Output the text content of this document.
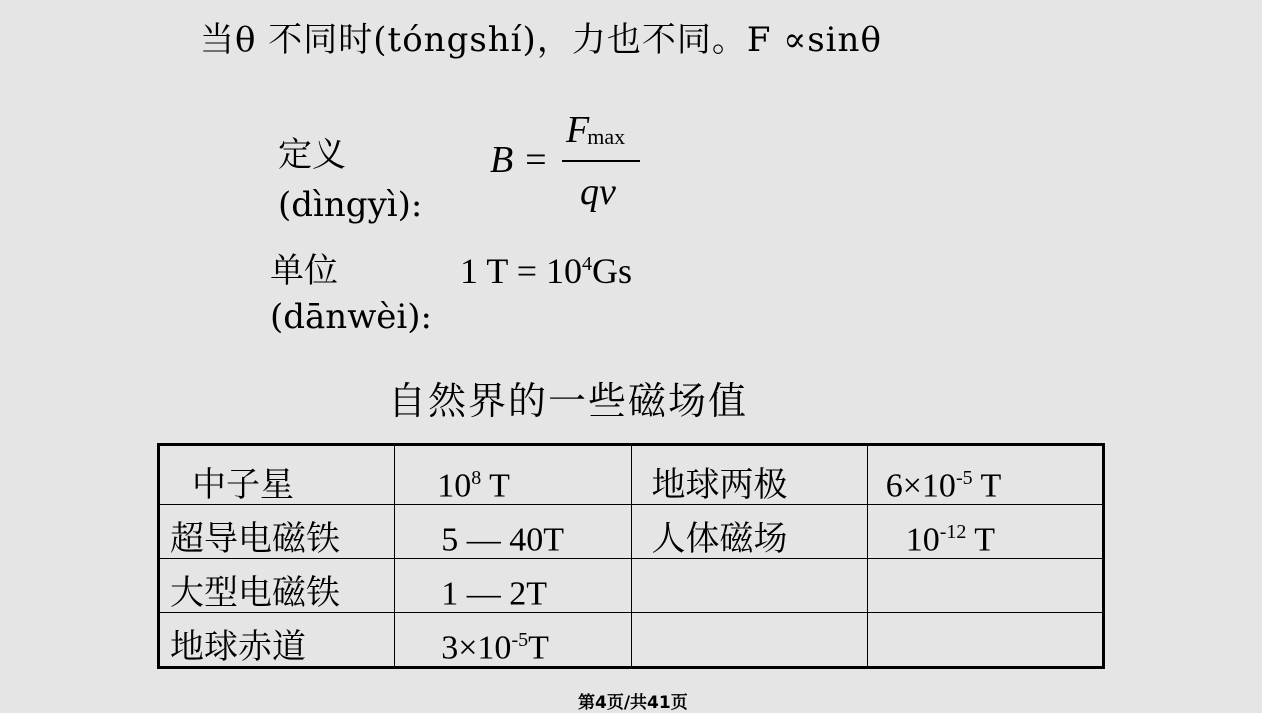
当θ 不同时(tóngshí)，力也不同。F ∝sinθ
定义(dìngyì):
B =
$F_{max}$
qv
单位(dānwèi):
1 $T = 10^4Gs$
自然界的一些磁场值
中子星	$10^8$ T	地球两极	$6\times 10^{-5}$ T
超导电磁铁	5 — 40T	人体磁场	$10^{-12}$ T
大型电磁铁	1 — 2T		
地球赤道	$3\times 10^{-5}T$		
第4页/共41页
